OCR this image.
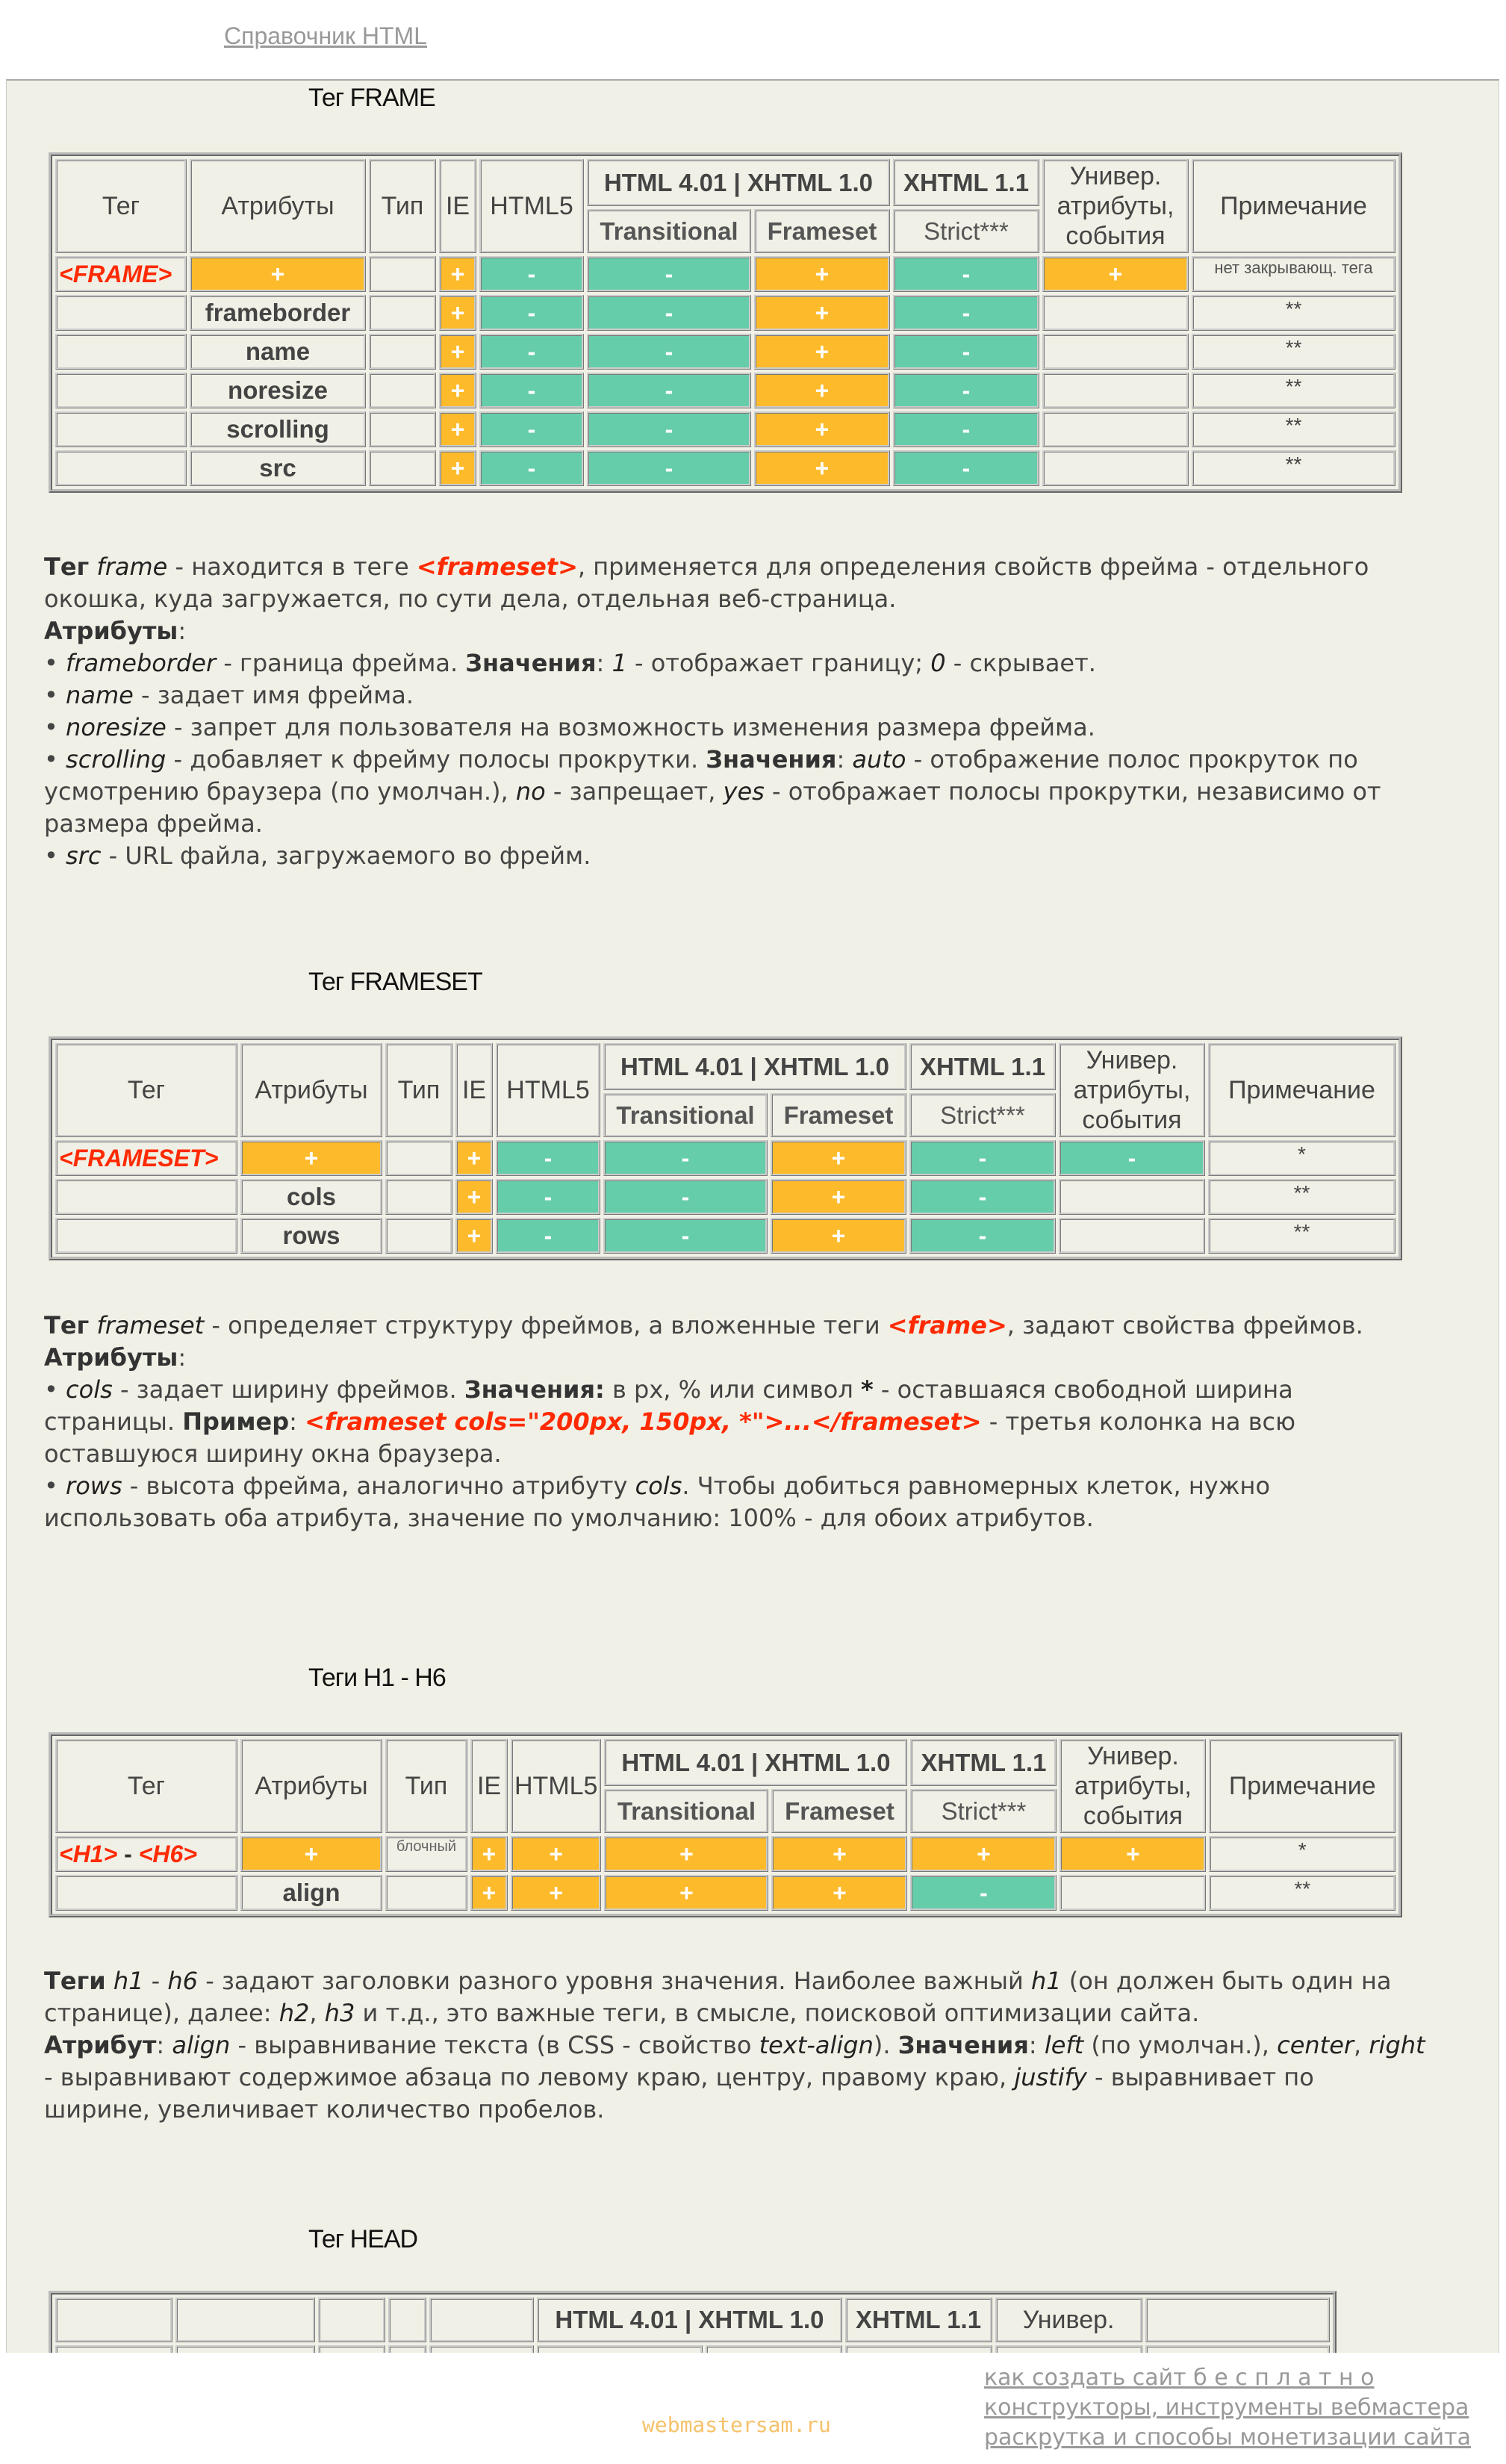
Справочник HTML
Тег FRAME
Тег	Атрибуты	Тип	IE	HTML5	HTML 4.01 | XHTML 1.0		XHTML 1.1	Универ. атрибуты, события	Примечание
					Transitional	Frameset	Strict***		
<FRAME>	+		+	-	-	+	-	+	нет закрывающ. тега
	frameborder		+	-	-	+	-		**
	name		+	-	-	+	-		**
	noresize		+	-	-	+	-		**
	scrolling		+	-	-	+	-		**
	src		+	-	-	+	-		**

Тег frame - находится в теге <frameset>, применяется для определения свойств фрейма - отдельного окошка, куда загружается, по сути дела, отдельная веб-страница.

Атрибуты:

• frameborder - граница фрейма. Значения: 1 - отображает границу; 0 - скрывает.

• name - задает имя фрейма.

• noresize - запрет для пользователя на возможность изменения размера фрейма.

• scrolling - добавляет к фрейму полосы прокрутки. Значения: auto - отображение полос прокруток по усмотрению браузера (по умолчан.), no - запрещает, yes - отображает полосы прокрутки, независимо от размера фрейма.

• src - URL файла, загружаемого во фрейм.

Тег FRAMESET
Тег	Атрибуты	Тип	IE	HTML5	HTML 4.01 | XHTML 1.0		XHTML 1.1	Универ. атрибуты, события	Примечание
					Transitional	Frameset	Strict***		
<FRAMESET>	+		+	-	-	+	-	-	*
	cols		+	-	-	+	-		**
	rows		+	-	-	+	-		**

Тег frameset - определяет структуру фреймов, а вложенные теги <frame>, задают свойства фреймов.

Атрибуты:

• cols - задает ширину фреймов. Значения: в px, % или символ * - оставшаяся свободной ширина страницы. Пример: <frameset cols="200px, 150px, *">...</frameset> - третья колонка на всю оставшуюся ширину окна браузера.

• rows - высота фрейма, аналогично атрибуту cols. Чтобы добиться равномерных клеток, нужно использовать оба атрибута, значение по умолчанию: 100% - для обоих атрибутов.

Теги H1 - H6
Тег	Атрибуты	Тип	IE	HTML5	HTML 4.01 | XHTML 1.0		XHTML 1.1	Универ. атрибуты, события	Примечание
					Transitional	Frameset	Strict***		
<H1> - <H6>	+	блочный	+	+	+	+	+	+	*
	align		+	+	+	+	-		**

Теги h1 - h6 - задают заголовки разного уровня значения. Наиболее важный h1 (он должен быть один на странице), далее: h2, h3 и т.д., это важные теги, в смысле, поисковой оптимизации сайта.

Атрибут: align - выравнивание текста (в CSS - свойство text-align). Значения: left (по умолчан.), center, right - выравнивают содержимое абзаца по левому краю, центру, правому краю, justify - выравнивает по ширине, увеличивает количество пробелов.

Тег HEAD
					HTML 4.01 | XHTML 1.0		XHTML 1.1	Универ.	

webmastersam.ru
как создать сайт б е с п л а т н о
конструкторы, инструменты вебмастера
раскрутка и способы монетизации сайта
